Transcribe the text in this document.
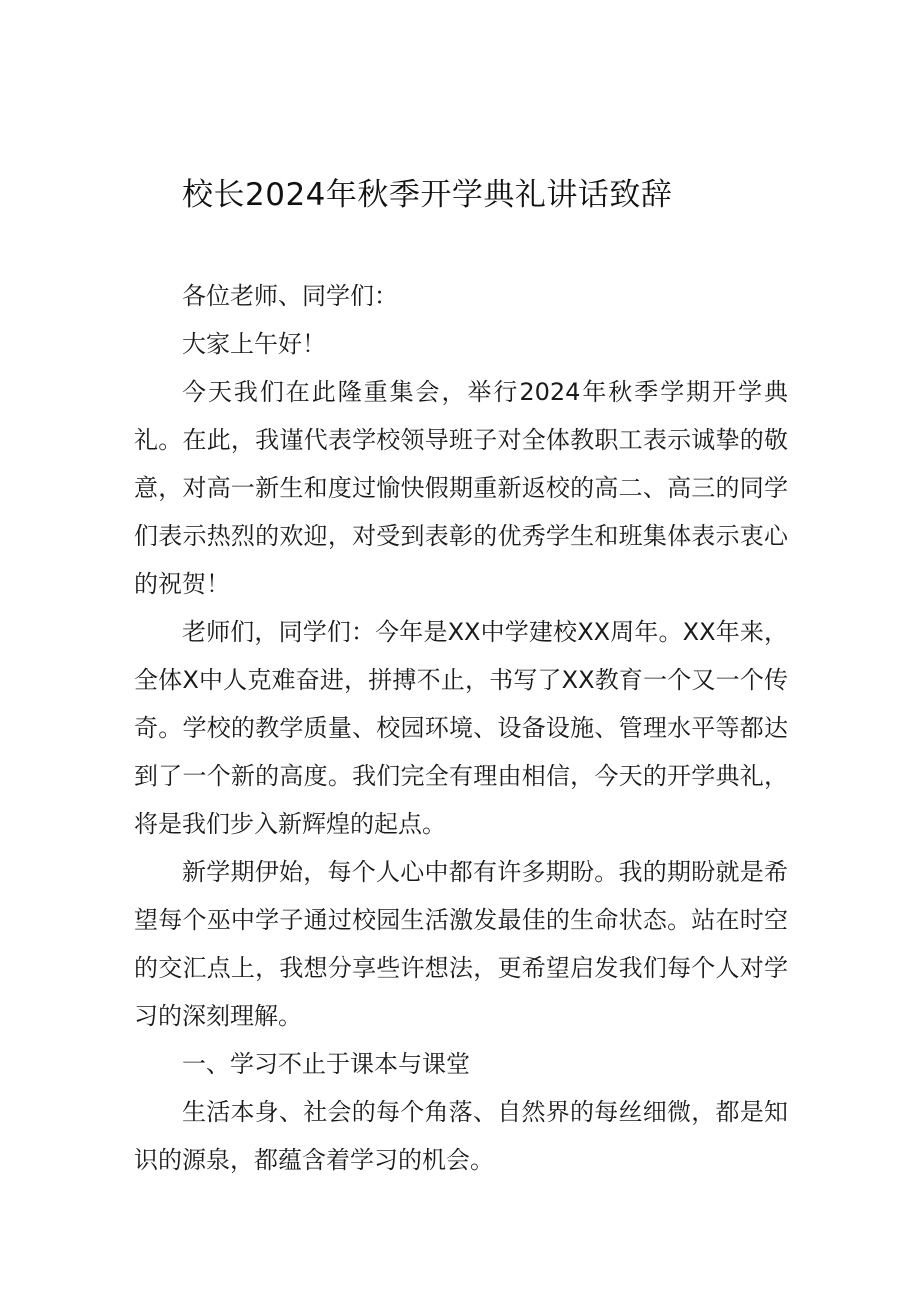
校长2024年秋季开学典礼讲话致辞

各位老师、同学们：

大家上午好！

今天我们在此隆重集会，举行2024年秋季学期开学典礼。在此，我谨代表学校领导班子对全体教职工表示诚挚的敬意，对高一新生和度过愉快假期重新返校的高二、高三的同学们表示热烈的欢迎，对受到表彰的优秀学生和班集体表示衷心的祝贺！

老师们，同学们：今年是XX中学建校XX周年。XX年来，全体X中人克难奋进，拼搏不止，书写了XX教育一个又一个传奇。学校的教学质量、校园环境、设备设施、管理水平等都达到了一个新的高度。我们完全有理由相信，今天的开学典礼，将是我们步入新辉煌的起点。

新学期伊始，每个人心中都有许多期盼。我的期盼就是希望每个巫中学子通过校园生活激发最佳的生命状态。站在时空的交汇点上，我想分享些许想法，更希望启发我们每个人对学习的深刻理解。

一、学习不止于课本与课堂

生活本身、社会的每个角落、自然界的每丝细微，都是知识的源泉，都蕴含着学习的机会。
